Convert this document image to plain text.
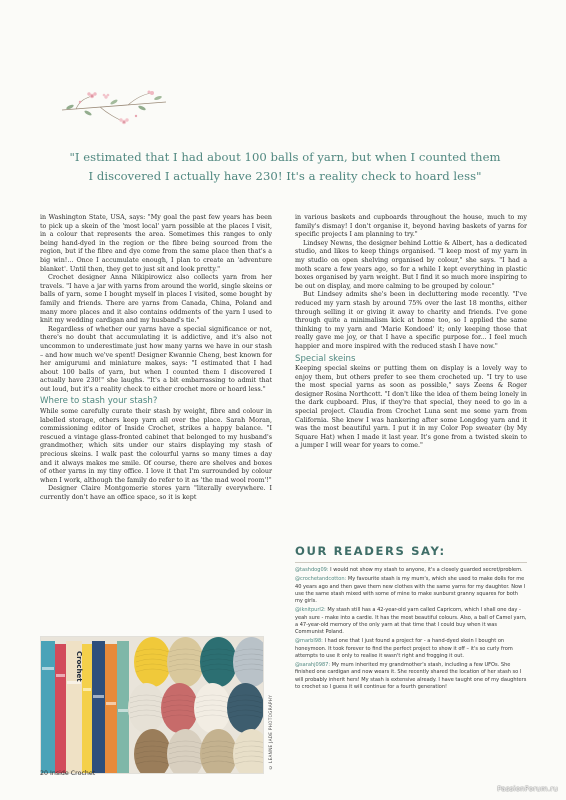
"I estimated that I had about 100 balls of yarn, but when I counted them
I discovered I actually have 230! It's a reality check to hoard less"

in Washington State, USA, says: "My goal the past few years has been to pick up a skein of the 'most local' yarn possible at the places I visit, in a colour that represents the area. Sometimes this ranges to only being hand-dyed in the region or the fibre being sourced from the region, but if the fibre and dye come from the same place then that's a big win!... Once I accumulate enough, I plan to create an 'adventure blanket'. Until then, they get to just sit and look pretty."

Crochet designer Anna Nikipirowicz also collects yarn from her travels. "I have a jar with yarns from around the world, single skeins or balls of yarn, some I bought myself in places I visited, some bought by family and friends. There are yarns from Canada, China, Poland and many more places and it also contains oddments of the yarn I used to knit my wedding cardigan and my husband's tie."

Regardless of whether our yarns have a special significance or not, there's no doubt that accumulating it is addictive, and it's also not uncommon to underestimate just how many yarns we have in our stash – and how much we've spent! Designer Kwannie Cheng, best known for her amigurumi and miniature makes, says: "I estimated that I had about 100 balls of yarn, but when I counted them I discovered I actually have 230!" she laughs. "It's a bit embarrassing to admit that out loud, but it's a reality check to either crochet more or hoard less."

Where to stash your stash?

While some carefully curate their stash by weight, fibre and colour in labelled storage, others keep yarn all over the place. Sarah Moran, commissioning editor of Inside Crochet, strikes a happy balance. "I rescued a vintage glass-fronted cabinet that belonged to my husband's grandmother, which sits under our stairs displaying my stash of precious skeins. I walk past the colourful yarns so many times a day and it always makes me smile. Of course, there are shelves and boxes of other yarns in my tiny office. I love it that I'm surrounded by colour when I work, although the family do refer to it as 'the mad wool room'!"

Designer Claire Montgomerie stores yarn "literally everywhere. I currently don't have an office space, so it is kept

in various baskets and cupboards throughout the house, much to my family's dismay! I don't organise it, beyond having baskets of yarns for specific projects I am planning to try."

Lindsey Newns, the designer behind Lottie & Albert, has a dedicated studio, and likes to keep things organised. "I keep most of my yarn in my studio on open shelving organised by colour," she says. "I had a moth scare a few years ago, so for a while I kept everything in plastic boxes organised by yarn weight. But I find it so much more inspiring to be out on display, and more calming to be grouped by colour."

But Lindsey admits she's been in decluttering mode recently. "I've reduced my yarn stash by around 75% over the last 18 months, either through selling it or giving it away to charity and friends. I've gone through quite a minimalism kick at home too, so I applied the same thinking to my yarn and 'Marie Kondoed' it; only keeping those that really gave me joy, or that I have a specific purpose for... I feel much happier and more inspired with the reduced stash I have now."

Special skeins

Keeping special skeins or putting them on display is a lovely way to enjoy them, but others prefer to see them crocheted up. "I try to use the most special yarns as soon as possible," says Zeens & Roger designer Rosina Northcott. "I don't like the idea of them being lonely in the dark cupboard. Plus, if they're that special, they need to go in a special project. Claudia from Crochet Luna sent me some yarn from California. She knew I was hankering after some Longdog yarn and it was the most beautiful yarn. I put it in my Color Pop sweater (by My Square Hat) when I made it last year. It's gone from a twisted skein to a jumper I will wear for years to come."

OUR READERS SAY:
@tashdog09: I would not show my stash to anyone, it's a closely guarded secret/problem.
@crochetandcotton: My favourite stash is my mum's, which she used to make dolls for me 40 years ago and then gave them new clothes with the same yarns for my daughter. Now I use the same stash mixed with some of mine to make sunburst granny squares for both my girls.
@iknitpurl2: My stash still has a 42-year-old yarn called Capricorn, which I shall one day - yeah sure - make into a cardie. It has the most beautiful colours. Also, a ball of Camel yarn, a 47-year-old memory of the only yarn at that time that I could buy when it was Communist Poland.
@marbl98: I had one that I just found a project for - a hand-dyed skein I bought on honeymoon. It took forever to find the perfect project to show it off – it's so curly from attempts to use it only to realise it wasn't right and frogging it out.
@sarahj0987: My mum inherited my grandmother's stash, including a few UFOs. She finished one cardigan and now wears it. She recently shared the location of her stash so I will probably inherit hers! My stash is extensive already. I have taught one of my daughters to crochet so I guess it will continue for a fourth generation!
Crochet
© LEANNE JADE PHOTOGRAPHY
20 Inside Crochet
PassionForum.ru
